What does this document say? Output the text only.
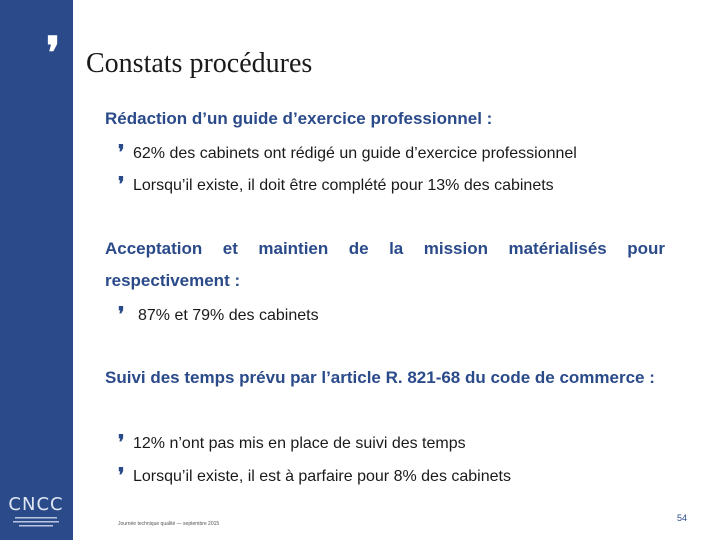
❜ Constats procédures
Rédaction d’un guide d’exercice professionnel :
❜ 62% des cabinets ont rédigé un guide d’exercice professionnel
❜ Lorsqu’il existe, il doit être complété pour 13% des cabinets
Acceptation et maintien de la mission matérialisés pour respectivement :
❜ 87% et 79% des cabinets
Suivi des temps prévu par l’article R. 821-68 du code de commerce :
❜ 12% n’ont pas mis en place de suivi des temps
❜ Lorsqu’il existe, il est à parfaire pour 8% des cabinets
CNCC
Journée technique qualité — septembre 2015
54
